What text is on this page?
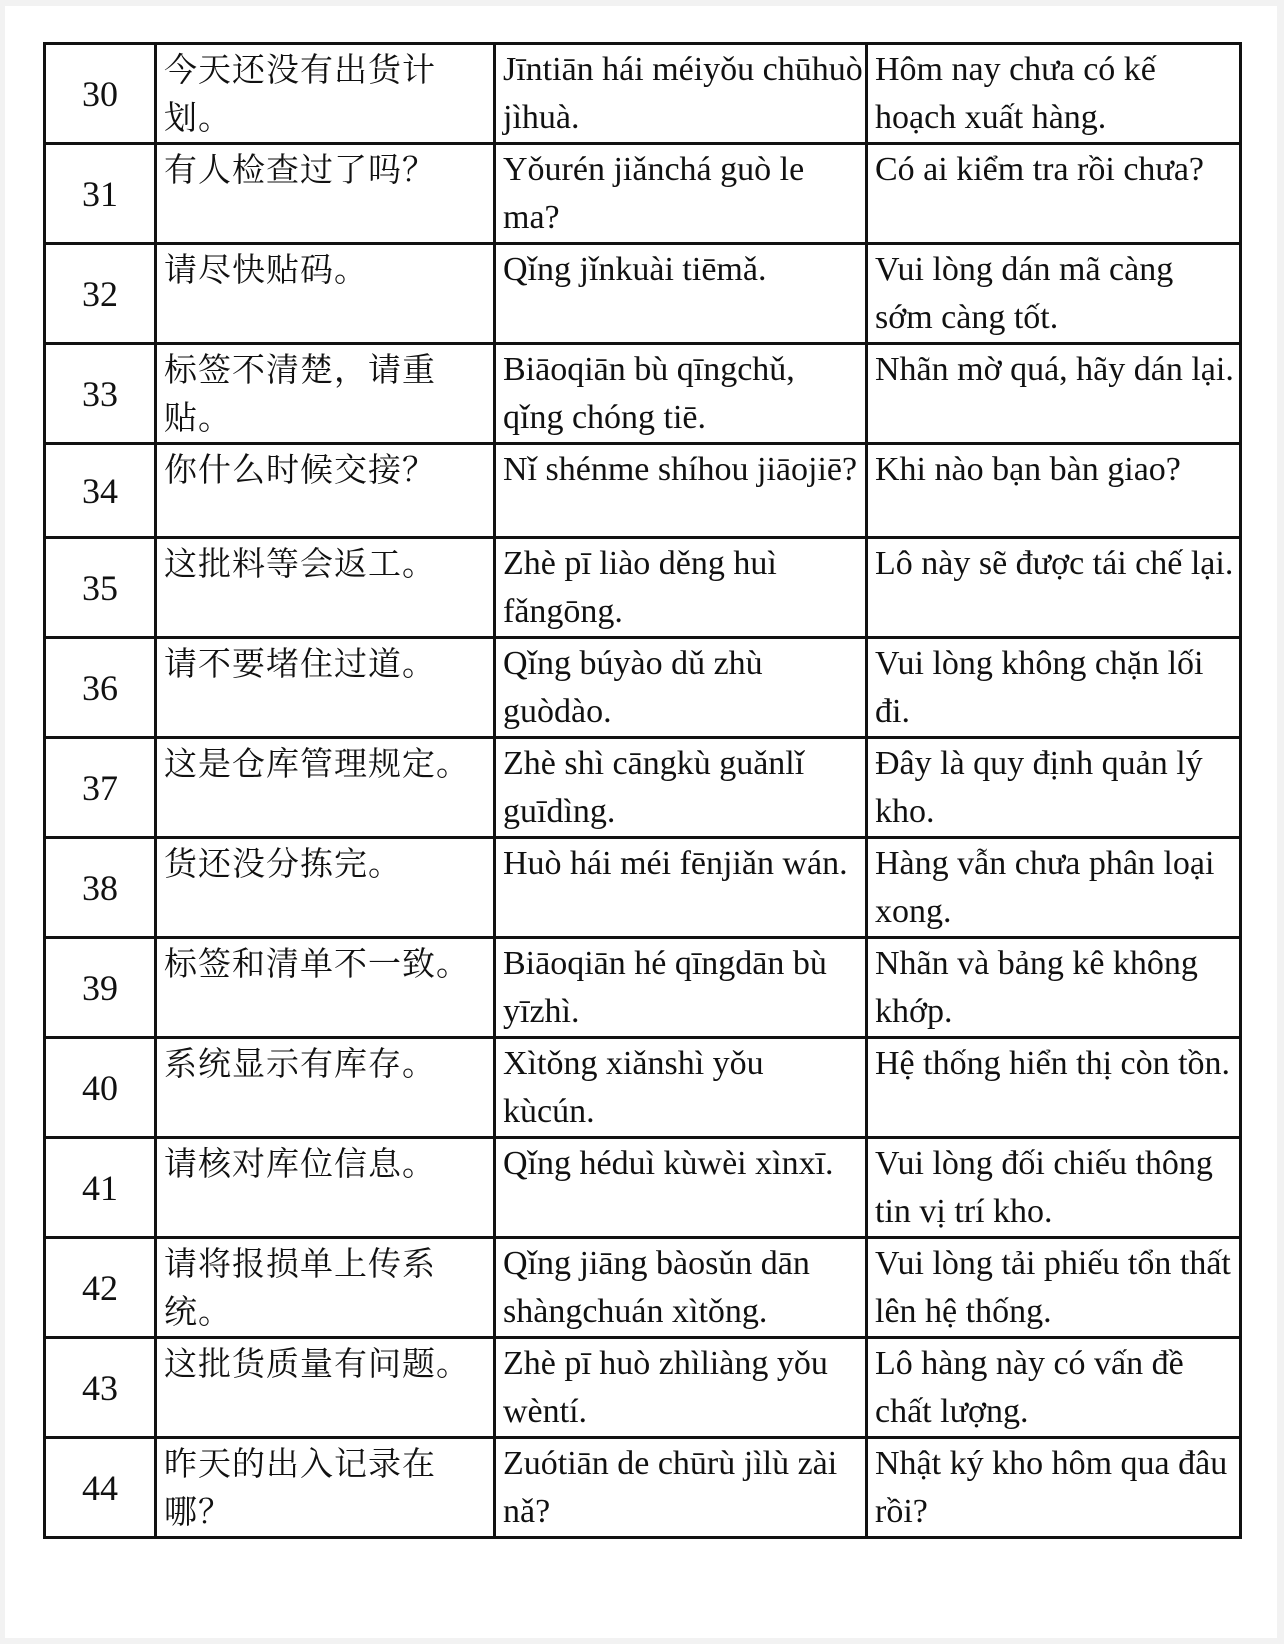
30	今天还没有出货计划。	Jīntiān hái méiyǒu chūhuò jìhuà.	Hôm nay chưa có kế hoạch xuất hàng.
31	有人检查过了吗？	Yǒurén jiǎnchá guò le ma?	Có ai kiểm tra rồi chưa?
32	请尽快贴码。	Qǐng jǐnkuài tiēmǎ.	Vui lòng dán mã càng sớm càng tốt.
33	标签不清楚，请重贴。	Biāoqiān bù qīngchǔ, qǐng chóng tiē.	Nhãn mờ quá, hãy dán lại.
34	你什么时候交接？	Nǐ shénme shíhou jiāojiē?	Khi nào bạn bàn giao?
35	这批料等会返工。	Zhè pī liào děng huì fǎngōng.	Lô này sẽ được tái chế lại.
36	请不要堵住过道。	Qǐng búyào dǔ zhù guòdào.	Vui lòng không chặn lối đi.
37	这是仓库管理规定。	Zhè shì cāngkù guǎnlǐ guīdìng.	Đây là quy định quản lý kho.
38	货还没分拣完。	Huò hái méi fēnjiǎn wán.	Hàng vẫn chưa phân loại xong.
39	标签和清单不一致。	Biāoqiān hé qīngdān bù yīzhì.	Nhãn và bảng kê không khớp.
40	系统显示有库存。	Xìtǒng xiǎnshì yǒu kùcún.	Hệ thống hiển thị còn tồn.
41	请核对库位信息。	Qǐng héduì kùwèi xìnxī.	Vui lòng đối chiếu thông tin vị trí kho.
42	请将报损单上传系统。	Qǐng jiāng bàosǔn dān shàngchuán xìtǒng.	Vui lòng tải phiếu tổn thất lên hệ thống.
43	这批货质量有问题。	Zhè pī huò zhìliàng yǒu wèntí.	Lô hàng này có vấn đề chất lượng.
44	昨天的出入记录在哪？	Zuótiān de chūrù jìlù zài nǎ?	Nhật ký kho hôm qua đâu rồi?
